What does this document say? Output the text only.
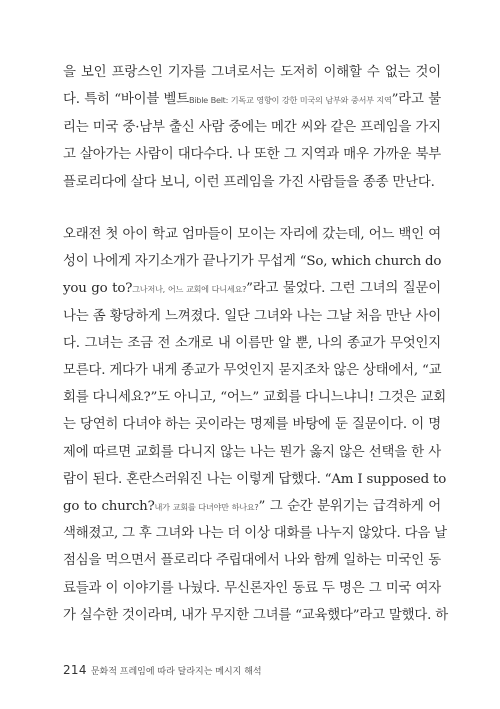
을 보인 프랑스인 기자를 그녀로서는 도저히 이해할 수 없는 것이
다. 특히 “바이블 벨트Bible Belt: 기독교 영향이 강한 미국의 남부와 중서부 지역”라고 불
리는 미국 중·남부 출신 사람 중에는 메간 씨와 같은 프레임을 가지
고 살아가는 사람이 대다수다. 나 또한 그 지역과 매우 가까운 북부
플로리다에 살다 보니, 이런 프레임을 가진 사람들을 종종 만난다.
오래전 첫 아이 학교 엄마들이 모이는 자리에 갔는데, 어느 백인 여
성이 나에게 자기소개가 끝나기가 무섭게 “So, which church do
you go to?그나저나, 어느 교회에 다니세요?”라고 물었다. 그런 그녀의 질문이
나는 좀 황당하게 느껴졌다. 일단 그녀와 나는 그날 처음 만난 사이
다. 그녀는 조금 전 소개로 내 이름만 알 뿐, 나의 종교가 무엇인지
모른다. 게다가 내게 종교가 무엇인지 묻지조차 않은 상태에서, “교
회를 다니세요?”도 아니고, “어느” 교회를 다니느냐니! 그것은 교회
는 당연히 다녀야 하는 곳이라는 명제를 바탕에 둔 질문이다. 이 명
제에 따르면 교회를 다니지 않는 나는 뭔가 옳지 않은 선택을 한 사
람이 된다. 혼란스러워진 나는 이렇게 답했다. “Am I supposed to
go to church?내가 교회를 다녀야만 하나요?” 그 순간 분위기는 급격하게 어
색해졌고, 그 후 그녀와 나는 더 이상 대화를 나누지 않았다. 다음 날
점심을 먹으면서 플로리다 주립대에서 나와 함께 일하는 미국인 동
료들과 이 이야기를 나눴다. 무신론자인 동료 두 명은 그 미국 여자
가 실수한 것이라며, 내가 무지한 그녀를 “교육했다”라고 말했다. 하
214 문화적 프레임에 따라 달라지는 메시지 해석
